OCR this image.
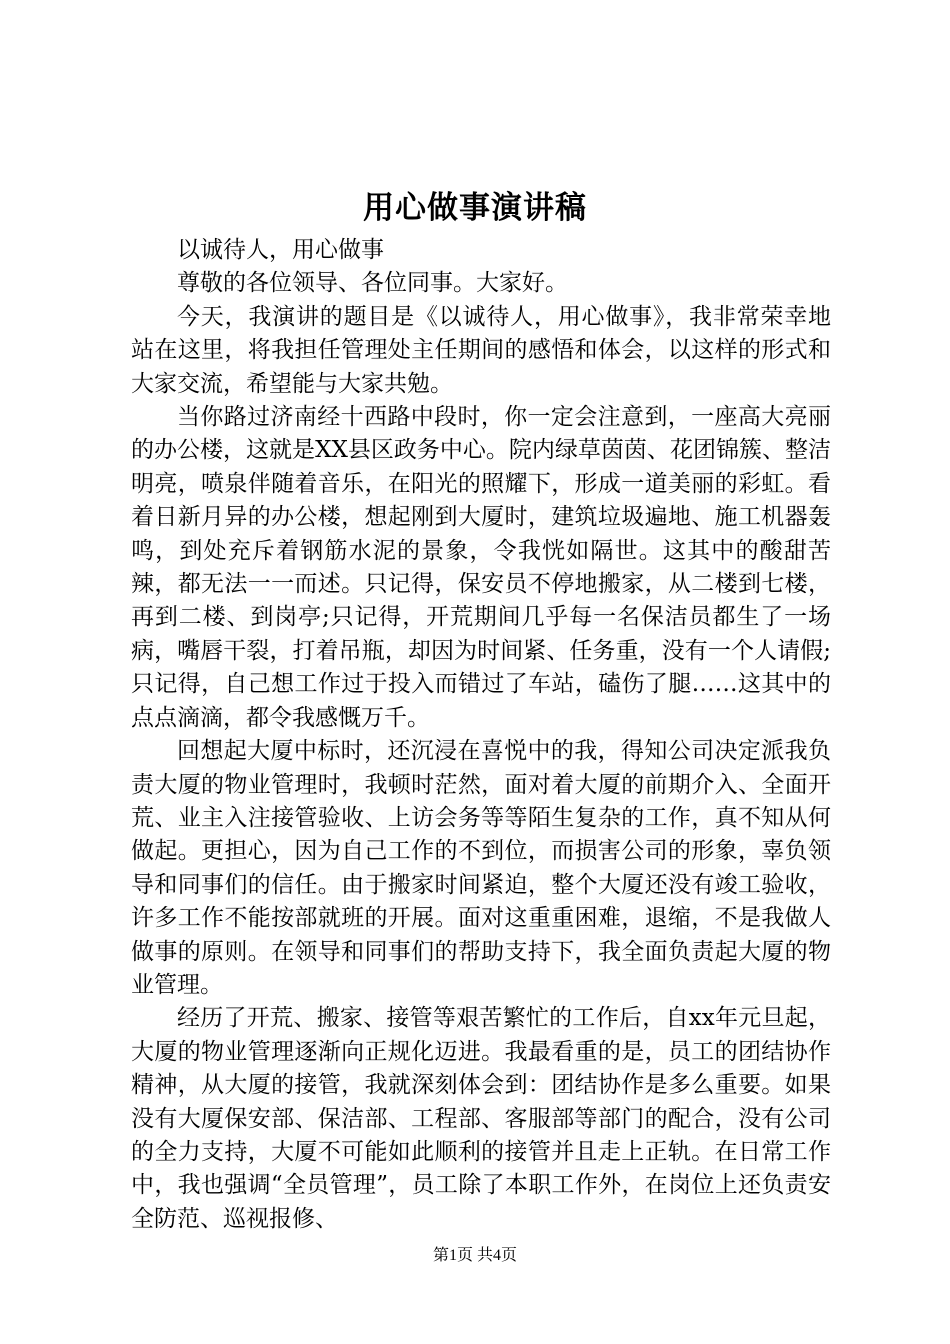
用心做事演讲稿

以诚待人，用心做事

尊敬的各位领导、各位同事。大家好。

今天，我演讲的题目是《以诚待人，用心做事》，我非常荣幸地站在这里，将我担任管理处主任期间的感悟和体会，以这样的形式和大家交流，希望能与大家共勉。

当你路过济南经十西路中段时，你一定会注意到，一座高大亮丽的办公楼，这就是XX县区政务中心。院内绿草茵茵、花团锦簇、整洁明亮，喷泉伴随着音乐，在阳光的照耀下，形成一道美丽的彩虹。看着日新月异的办公楼，想起刚到大厦时，建筑垃圾遍地、施工机器轰鸣，到处充斥着钢筋水泥的景象，令我恍如隔世。这其中的酸甜苦辣，都无法一一而述。只记得，保安员不停地搬家，从二楼到七楼，再到二楼、到岗亭;只记得，开荒期间几乎每一名保洁员都生了一场病，嘴唇干裂，打着吊瓶，却因为时间紧、任务重，没有一个人请假;只记得，自己想工作过于投入而错过了车站，磕伤了腿……这其中的点点滴滴，都令我感慨万千。

回想起大厦中标时，还沉浸在喜悦中的我，得知公司决定派我负责大厦的物业管理时，我顿时茫然，面对着大厦的前期介入、全面开荒、业主入注接管验收、上访会务等等陌生复杂的工作，真不知从何做起。更担心，因为自己工作的不到位，而损害公司的形象，辜负领导和同事们的信任。由于搬家时间紧迫，整个大厦还没有竣工验收，许多工作不能按部就班的开展。面对这重重困难，退缩，不是我做人做事的原则。在领导和同事们的帮助支持下，我全面负责起大厦的物业管理。

经历了开荒、搬家、接管等艰苦繁忙的工作后，自xx年元旦起，大厦的物业管理逐渐向正规化迈进。我最看重的是，员工的团结协作精神，从大厦的接管，我就深刻体会到：团结协作是多么重要。如果没有大厦保安部、保洁部、工程部、客服部等部门的配合，没有公司的全力支持，大厦不可能如此顺利的接管并且走上正轨。在日常工作中，我也强调“全员管理”，员工除了本职工作外，在岗位上还负责安全防范、巡视报修、

第1页 共4页
